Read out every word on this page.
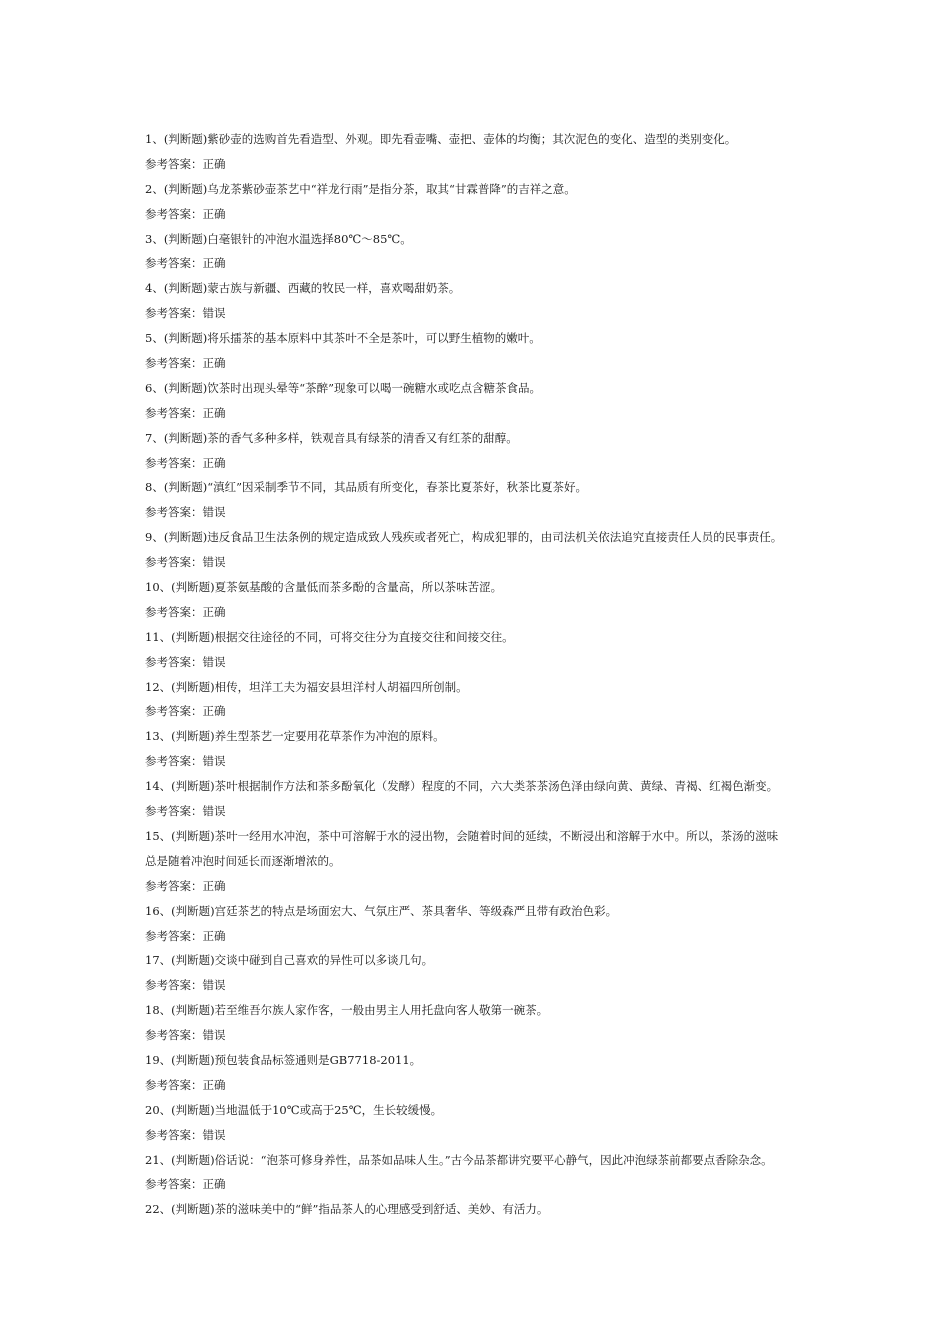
1、(判断题)紫砂壶的选购首先看造型、外观。即先看壶嘴、壶把、壶体的均衡；其次泥色的变化、造型的类别变化。

参考答案：正确

2、(判断题)乌龙茶紫砂壶茶艺中“祥龙行雨”是指分茶，取其“甘霖普降”的吉祥之意。

参考答案：正确

3、(判断题)白毫银针的冲泡水温选择80℃～85℃。

参考答案：正确

4、(判断题)蒙古族与新疆、西藏的牧民一样，喜欢喝甜奶茶。

参考答案：错误

5、(判断题)将乐擂茶的基本原料中其茶叶不全是茶叶，可以野生植物的嫩叶。

参考答案：正确

6、(判断题)饮茶时出现头晕等“茶醉”现象可以喝一碗糖水或吃点含糖茶食品。

参考答案：正确

7、(判断题)茶的香气多种多样，铁观音具有绿茶的清香又有红茶的甜醇。

参考答案：正确

8、(判断题)“滇红”因采制季节不同，其品质有所变化，春茶比夏茶好，秋茶比夏茶好。

参考答案：错误

9、(判断题)违反食品卫生法条例的规定造成致人残疾或者死亡，构成犯罪的，由司法机关依法追究直接责任人员的民事责任。

参考答案：错误

10、(判断题)夏茶氨基酸的含量低而茶多酚的含量高，所以茶味苦涩。

参考答案：正确

11、(判断题)根据交往途径的不同，可将交往分为直接交往和间接交往。

参考答案：错误

12、(判断题)相传，坦洋工夫为福安县坦洋村人胡福四所创制。

参考答案：正确

13、(判断题)养生型茶艺一定要用花草茶作为冲泡的原料。

参考答案：错误

14、(判断题)茶叶根据制作方法和茶多酚氧化（发酵）程度的不同，六大类茶茶汤色泽由绿向黄、黄绿、青褐、红褐色渐变。

参考答案：错误

15、(判断题)茶叶一经用水冲泡，茶中可溶解于水的浸出物，会随着时间的延续，不断浸出和溶解于水中。所以，茶汤的滋味

总是随着冲泡时间延长而逐渐增浓的。

参考答案：正确

16、(判断题)宫廷茶艺的特点是场面宏大、气氛庄严、茶具奢华、等级森严且带有政治色彩。

参考答案：正确

17、(判断题)交谈中碰到自己喜欢的异性可以多谈几句。

参考答案：错误

18、(判断题)若至维吾尔族人家作客，一般由男主人用托盘向客人敬第一碗茶。

参考答案：错误

19、(判断题)预包装食品标签通则是GB7718-2011。

参考答案：正确

20、(判断题)当地温低于10℃或高于25℃，生长较缓慢。

参考答案：错误

21、(判断题)俗话说：“泡茶可修身养性，品茶如品味人生。”古今品茶都讲究要平心静气，因此冲泡绿茶前都要点香除杂念。

参考答案：正确

22、(判断题)茶的滋味美中的“鲜”指品茶人的心理感受到舒适、美妙、有活力。
